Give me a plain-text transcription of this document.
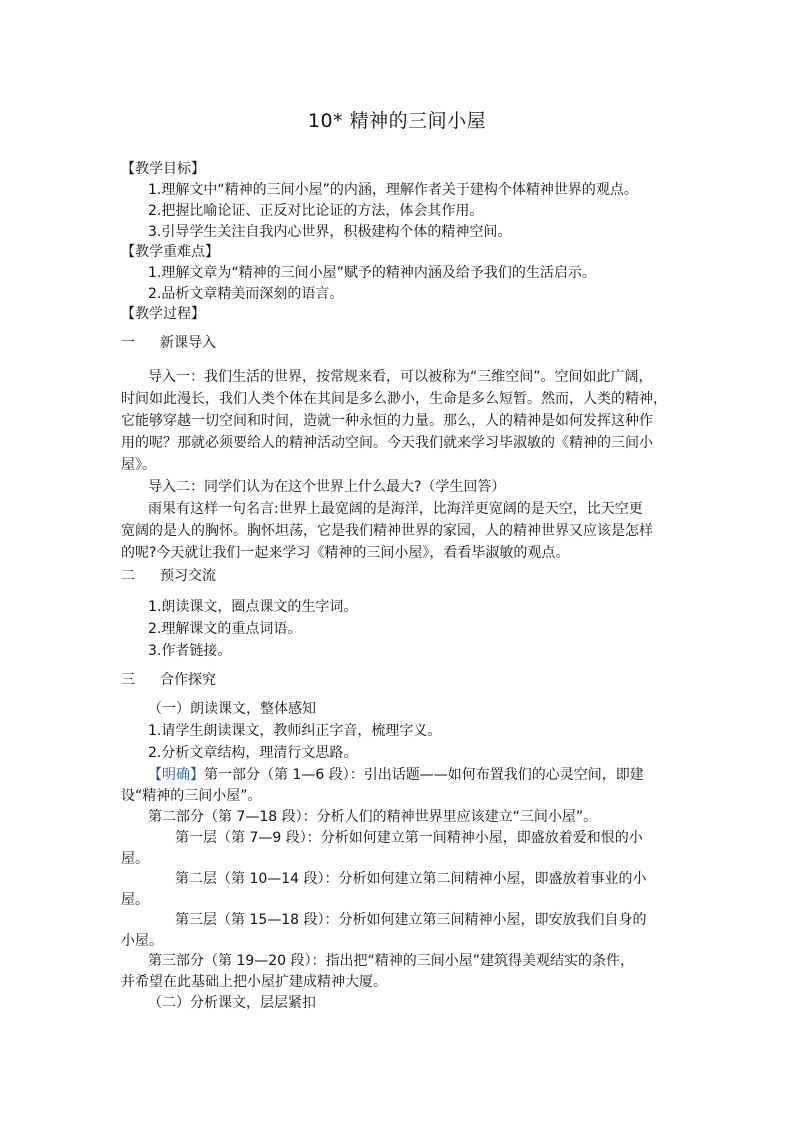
10* 精神的三间小屋
【教学目标】
1.理解文中“精神的三间小屋”的内涵，理解作者关于建构个体精神世界的观点。
2.把握比喻论证、正反对比论证的方法，体会其作用。
3.引导学生关注自我内心世界，积极建构个体的精神空间。
【教学重难点】
1.理解文章为“精神的三间小屋”赋予的精神内涵及给予我们的生活启示。
2.品析文章精美而深刻的语言。
【教学过程】
一 新课导入
导入一：我们生活的世界，按常规来看，可以被称为“三维空间”。空间如此广阔，
时间如此漫长，我们人类个体在其间是多么渺小，生命是多么短暂。然而，人类的精神，
它能够穿越一切空间和时间，造就一种永恒的力量。那么，人的精神是如何发挥这种作
用的呢？那就必须要给人的精神活动空间。今天我们就来学习毕淑敏的《精神的三间小
屋》。
导入二：同学们认为在这个世界上什么最大?（学生回答）
雨果有这样一句名言:世界上最宽阔的是海洋，比海洋更宽阔的是天空，比天空更
宽阔的是人的胸怀。胸怀坦荡，它是我们精神世界的家园，人的精神世界又应该是怎样
的呢?今天就让我们一起来学习《精神的三间小屋》，看看毕淑敏的观点。
二 预习交流
1.朗读课文，圈点课文的生字词。
2.理解课文的重点词语。
3.作者链接。
三 合作探究
（一）朗读课文，整体感知
1.请学生朗读课文，教师纠正字音，梳理字义。
2.分析文章结构，理清行文思路。
【明确】第一部分（第 1—6 段）：引出话题——如何布置我们的心灵空间，即建
设“精神的三间小屋”。
第二部分（第 7—18 段）：分析人们的精神世界里应该建立“三间小屋”。
第一层（第 7—9 段）：分析如何建立第一间精神小屋，即盛放着爱和恨的小
屋。
第二层（第 10—14 段）：分析如何建立第二间精神小屋，即盛放着事业的小
屋。
第三层（第 15—18 段）：分析如何建立第三间精神小屋，即安放我们自身的
小屋。
第三部分（第 19—20 段）：指出把“精神的三间小屋”建筑得美观结实的条件，
并希望在此基础上把小屋扩建成精神大厦。
（二）分析课文，层层紧扣
